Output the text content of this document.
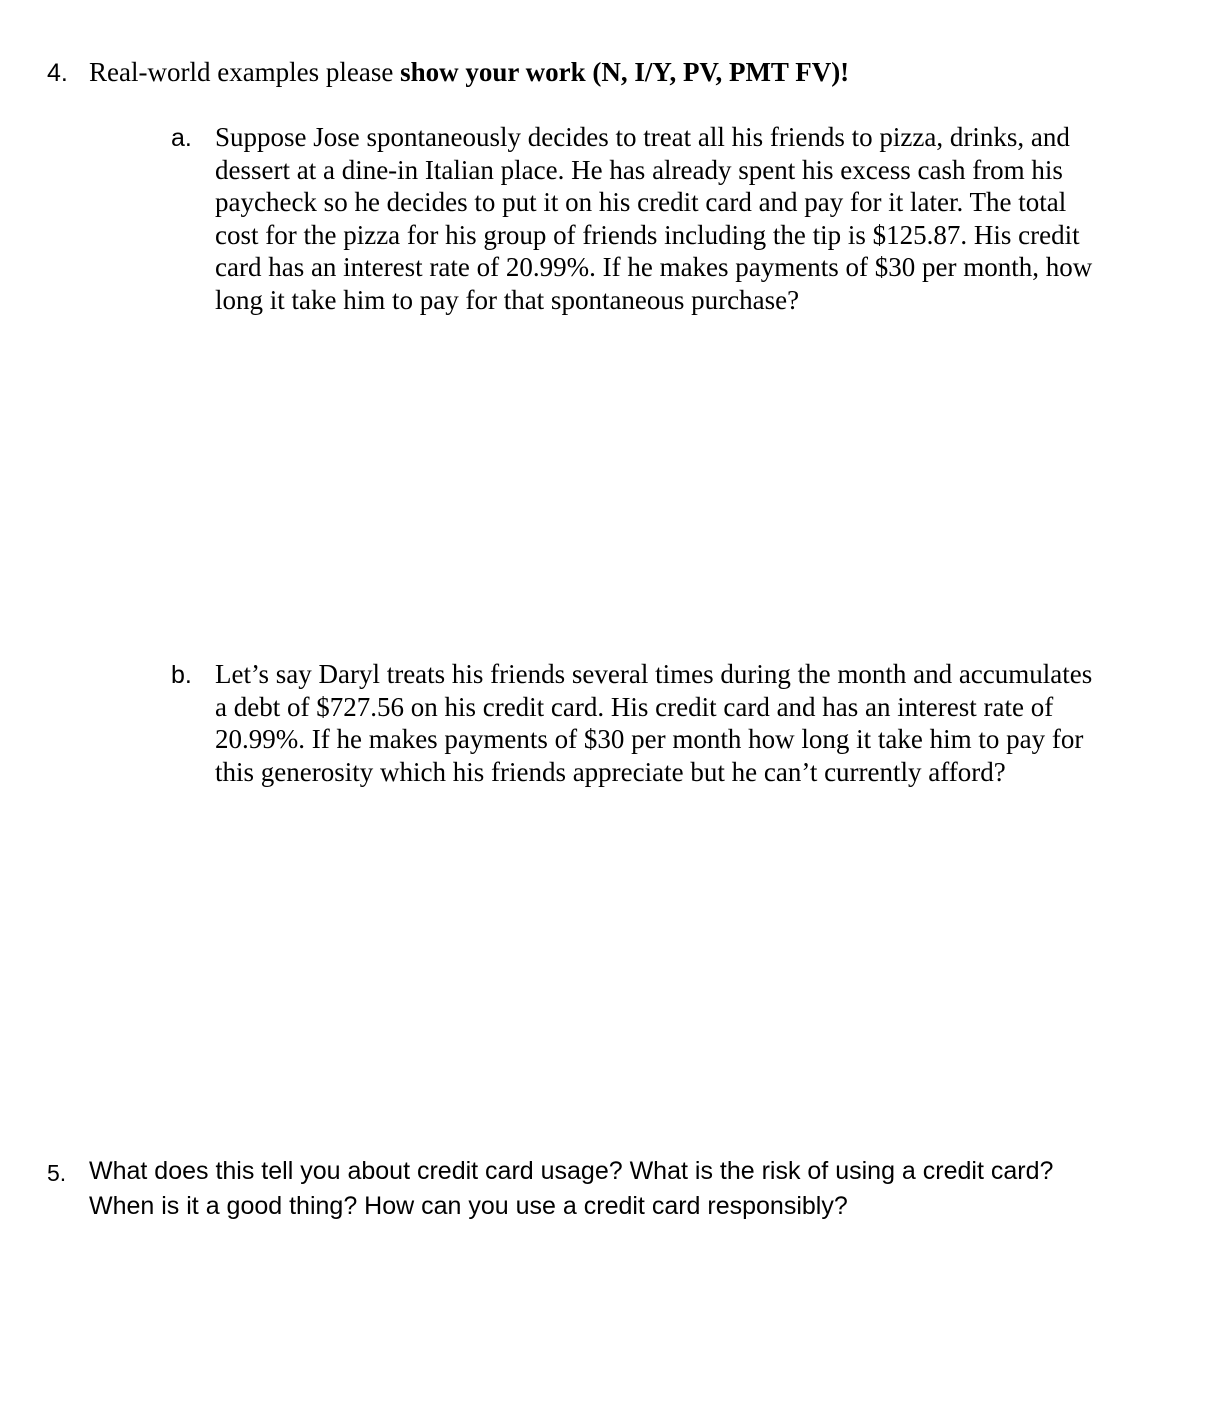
4. Real-world examples please show your work (N, I/Y, PV, PMT FV)!
a. Suppose Jose spontaneously decides to treat all his friends to pizza, drinks, and
dessert at a dine-in Italian place. He has already spent his excess cash from his
paycheck so he decides to put it on his credit card and pay for it later. The total
cost for the pizza for his group of friends including the tip is $125.87. His credit
card has an interest rate of 20.99%. If he makes payments of $30 per month, how
long it take him to pay for that spontaneous purchase?
b. Let’s say Daryl treats his friends several times during the month and accumulates
a debt of $727.56 on his credit card. His credit card and has an interest rate of
20.99%. If he makes payments of $30 per month how long it take him to pay for
this generosity which his friends appreciate but he can’t currently afford?
5. What does this tell you about credit card usage? What is the risk of using a credit card?
When is it a good thing? How can you use a credit card responsibly?
